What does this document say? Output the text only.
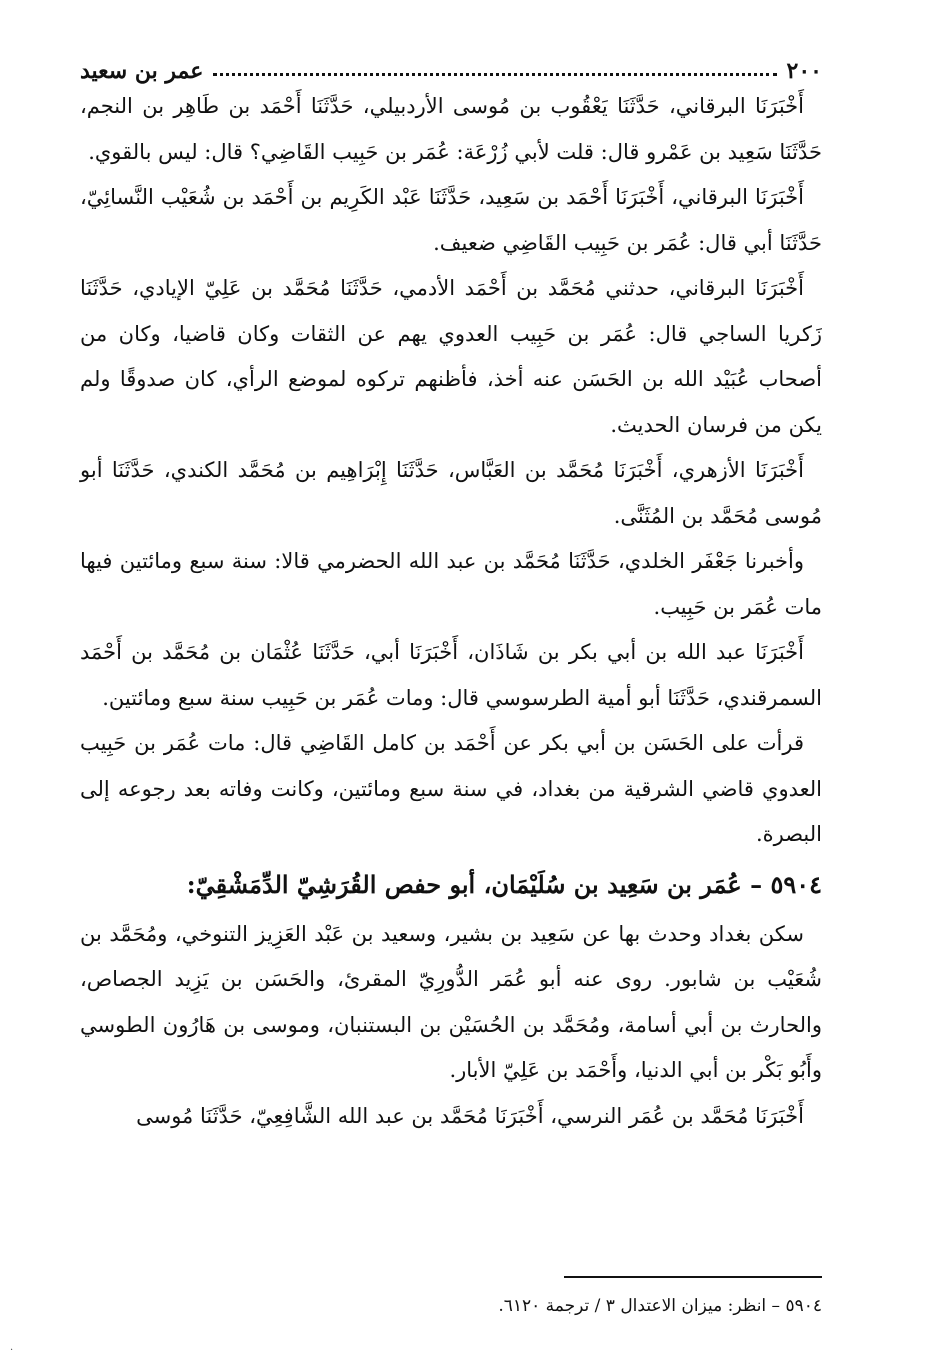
٢٠٠
عمر بن سعيد

أَخْبَرَنَا البرقاني، حَدَّثَنَا يَعْقُوب بن مُوسى الأردبيلي، حَدَّثَنَا أَحْمَد بن طَاهِر بن النجم، حَدَّثَنَا سَعِيد بن عَمْرو قال: قلت لأبي زُرْعَة: عُمَر بن حَبِيب القَاضِي؟ قال: ليس بالقوي.

أَخْبَرَنَا البرقاني، أَخْبَرَنَا أَحْمَد بن سَعِيد، حَدَّثَنَا عَبْد الكَرِيم بن أَحْمَد بن شُعَيْب النَّسائِيّ، حَدَّثَنَا أبي قال: عُمَر بن حَبِيب القَاضِي ضعيف.

أَخْبَرَنَا البرقاني، حدثني مُحَمَّد بن أَحْمَد الأدمي، حَدَّثَنَا مُحَمَّد بن عَلِيّ الإيادي، حَدَّثَنَا زَكريا الساجي قال: عُمَر بن حَبِيب العدوي يهم عن الثقات وكان قاضيا، وكان من أصحاب عُبَيْد الله بن الحَسَن عنه أخذ، فأظنهم تركوه لموضع الرأي، كان صدوقًا ولم يكن من فرسان الحديث.

أَخْبَرَنَا الأزهري، أَخْبَرَنَا مُحَمَّد بن العَبَّاس، حَدَّثَنَا إِبْرَاهِيم بن مُحَمَّد الكندي، حَدَّثَنَا أبو مُوسى مُحَمَّد بن المُثَنَّى.

وأخبرنا جَعْفَر الخلدي، حَدَّثَنَا مُحَمَّد بن عبد الله الحضرمي قالا: سنة سبع ومائتين فيها مات عُمَر بن حَبِيب.

أَخْبَرَنَا عبد الله بن أبي بكر بن شَاذَان، أَخْبَرَنَا أبي، حَدَّثَنَا عُثْمَان بن مُحَمَّد بن أَحْمَد السمرقندي، حَدَّثَنَا أبو أمية الطرسوسي قال: ومات عُمَر بن حَبِيب سنة سبع ومائتين.

قرأت على الحَسَن بن أبي بكر عن أَحْمَد بن كامل القَاضِي قال: مات عُمَر بن حَبِيب العدوي قاضي الشرقية من بغداد، في سنة سبع ومائتين، وكانت وفاته بعد رجوعه إلى البصرة.

٥٩٠٤ – عُمَر بن سَعِيد بن سُلَيْمَان، أبو حفص القُرَشِيّ الدِّمَشْقِيّ:

سكن بغداد وحدث بها عن سَعِيد بن بشير، وسعيد بن عَبْد العَزِيز التنوخي، ومُحَمَّد بن شُعَيْب بن شابور. روى عنه أبو عُمَر الدُّورِيّ المقرئ، والحَسَن بن يَزِيد الجصاص، والحارث بن أبي أسامة، ومُحَمَّد بن الحُسَيْن بن البستنبان، وموسى بن هَارُون الطوسي وأَبُو بَكْر بن أبي الدنيا، وأَحْمَد بن عَلِيّ الأبار.

أَخْبَرَنَا مُحَمَّد بن عُمَر النرسي، أَخْبَرَنَا مُحَمَّد بن عبد الله الشَّافِعِيّ، حَدَّثَنَا مُوسى

٥٩٠٤ – انظر: ميزان الاعتدال ٣ / ترجمة ٦١٢٠.

·
